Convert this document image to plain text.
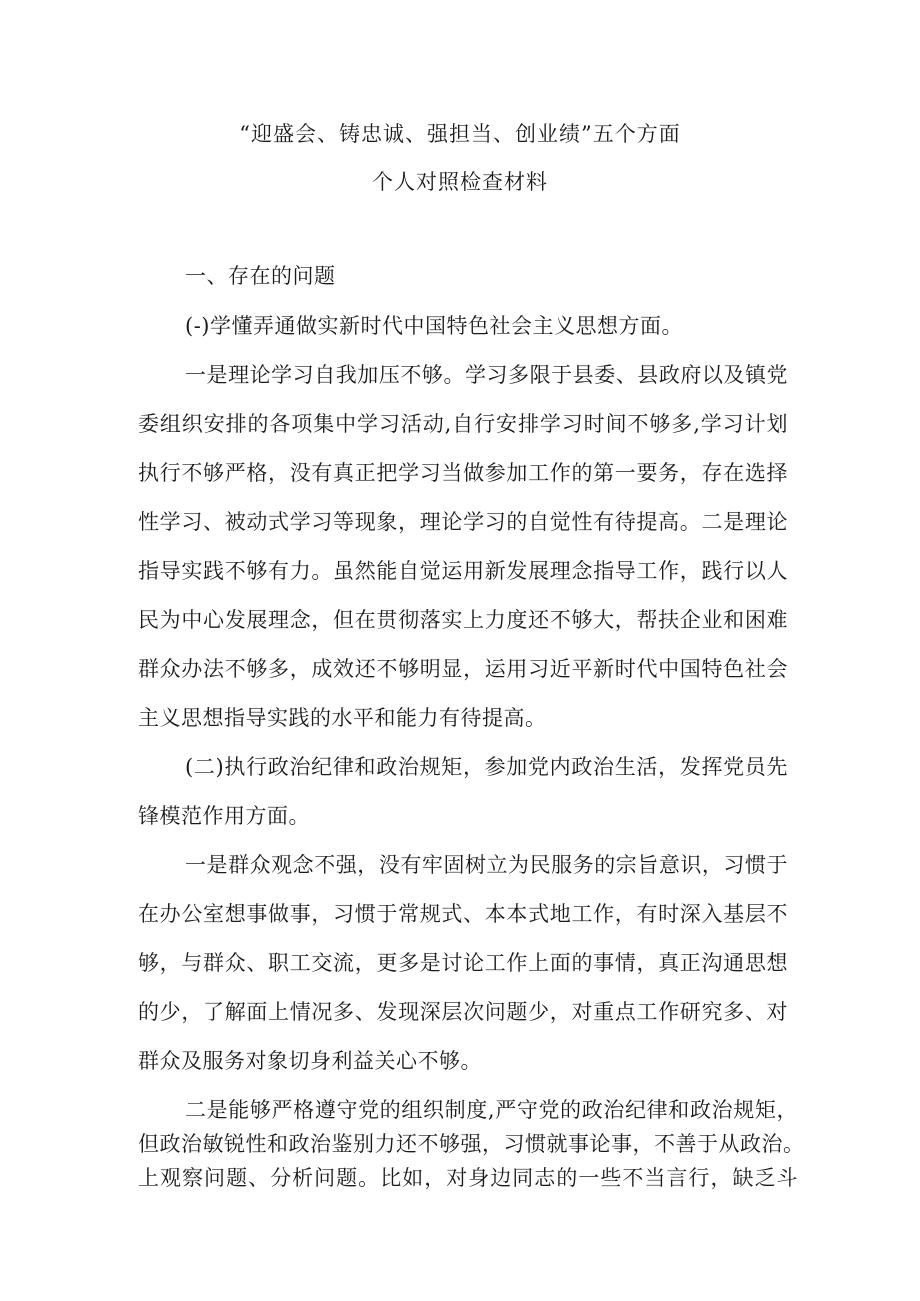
“迎盛会、铸忠诚、强担当、创业绩”五个方面
个人对照检查材料
一、存在的问题
(-)学懂弄通做实新时代中国特色社会主义思想方面。
一是理论学习自我加压不够。学习多限于县委、县政府以及镇党
委组织安排的各项集中学习活动,自行安排学习时间不够多,学习计划
执行不够严格，没有真正把学习当做参加工作的第一要务，存在选择
性学习、被动式学习等现象，理论学习的自觉性有待提高。二是理论
指导实践不够有力。虽然能自觉运用新发展理念指导工作，践行以人
民为中心发展理念，但在贯彻落实上力度还不够大，帮扶企业和困难
群众办法不够多，成效还不够明显，运用习近平新时代中国特色社会
主义思想指导实践的水平和能力有待提高。
(二)执行政治纪律和政治规矩，参加党内政治生活，发挥党员先
锋模范作用方面。
一是群众观念不强，没有牢固树立为民服务的宗旨意识，习惯于
在办公室想事做事，习惯于常规式、本本式地工作，有时深入基层不
够，与群众、职工交流，更多是讨论工作上面的事情，真正沟通思想
的少，了解面上情况多、发现深层次问题少，对重点工作研究多、对
群众及服务对象切身利益关心不够。
二是能够严格遵守党的组织制度,严守党的政治纪律和政治规矩，
但政治敏锐性和政治鉴别力还不够强，习惯就事论事，不善于从政治。
上观察问题、分析问题。比如，对身边同志的一些不当言行，缺乏斗
